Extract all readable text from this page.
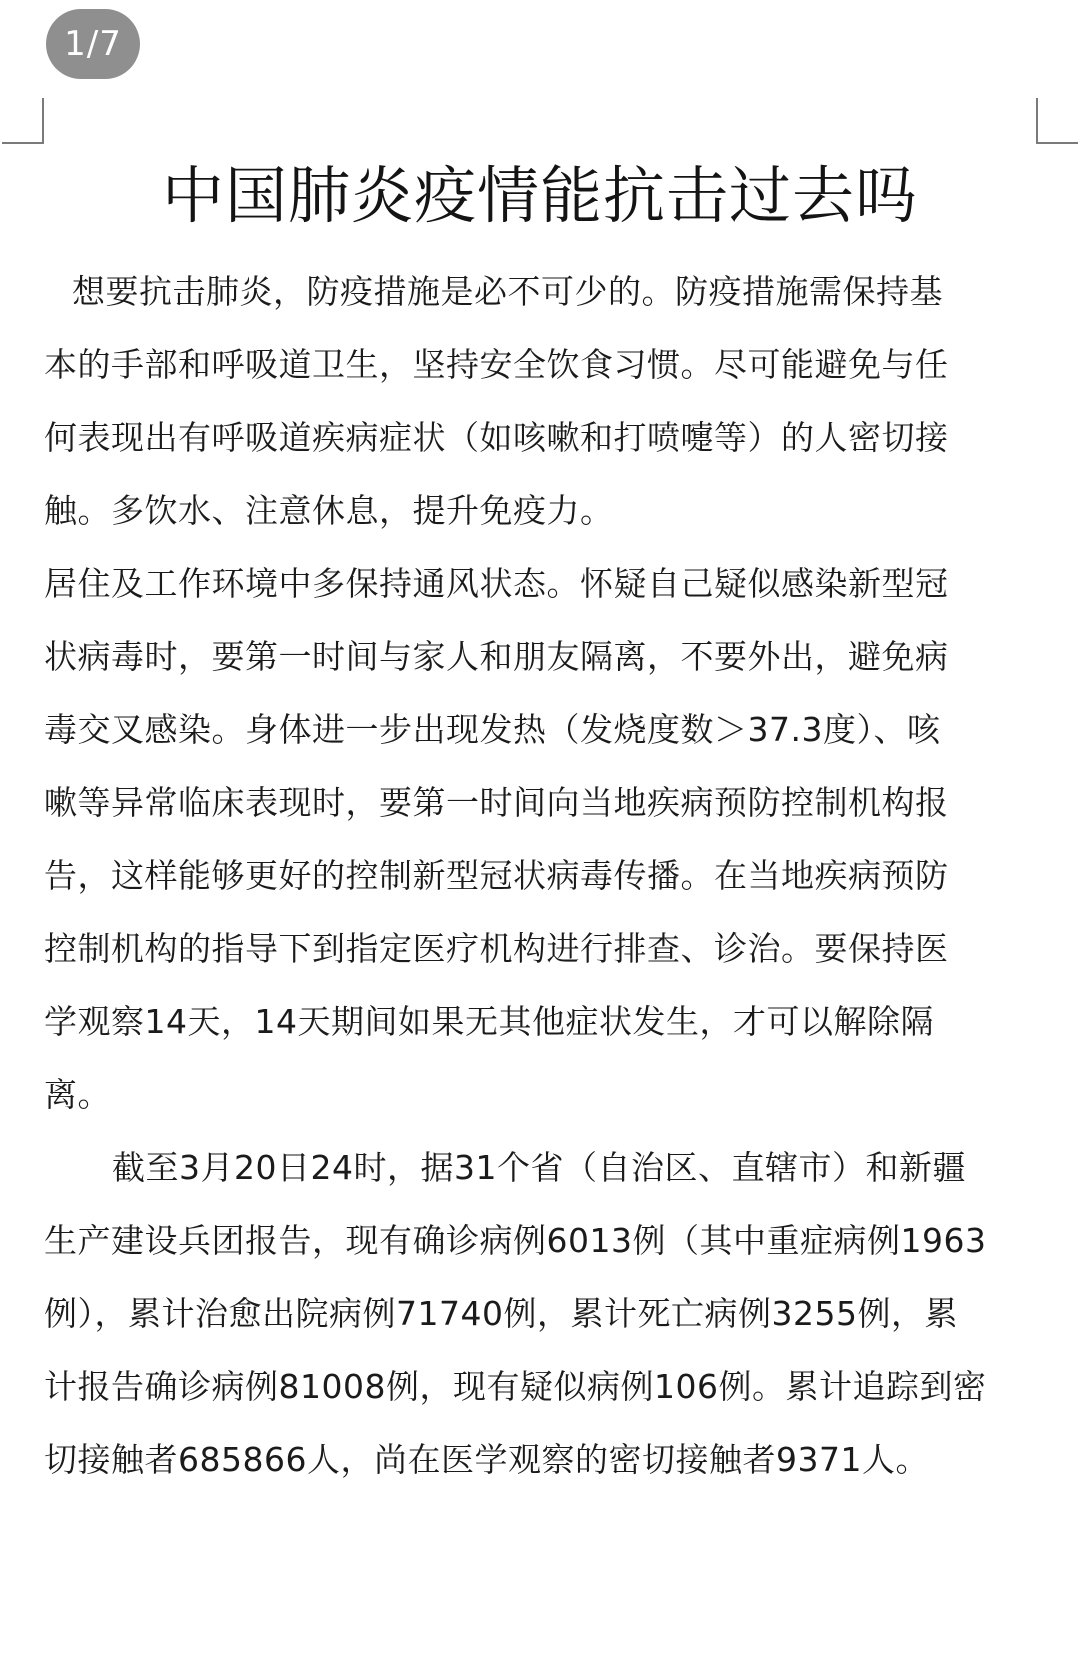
1/7
中国肺炎疫情能抗击过去吗
想要抗击肺炎，防疫措施是必不可少的。防疫措施需保持基
本的手部和呼吸道卫生，坚持安全饮食习惯。尽可能避免与任
何表现出有呼吸道疾病症状（如咳嗽和打喷嚏等）的人密切接
触。多饮水、注意休息，提升免疫力。
居住及工作环境中多保持通风状态。怀疑自己疑似感染新型冠
状病毒时，要第一时间与家人和朋友隔离，不要外出，避免病
毒交叉感染。身体进一步出现发热（发烧度数＞37.3度）、咳
嗽等异常临床表现时，要第一时间向当地疾病预防控制机构报
告，这样能够更好的控制新型冠状病毒传播。在当地疾病预防
控制机构的指导下到指定医疗机构进行排查、诊治。要保持医
学观察14天，14天期间如果无其他症状发生，才可以解除隔
离。
截至3月20日24时，据31个省（自治区、直辖市）和新疆
生产建设兵团报告，现有确诊病例6013例（其中重症病例1963
例），累计治愈出院病例71740例，累计死亡病例3255例，累
计报告确诊病例81008例，现有疑似病例106例。累计追踪到密
切接触者685866人，尚在医学观察的密切接触者9371人。
